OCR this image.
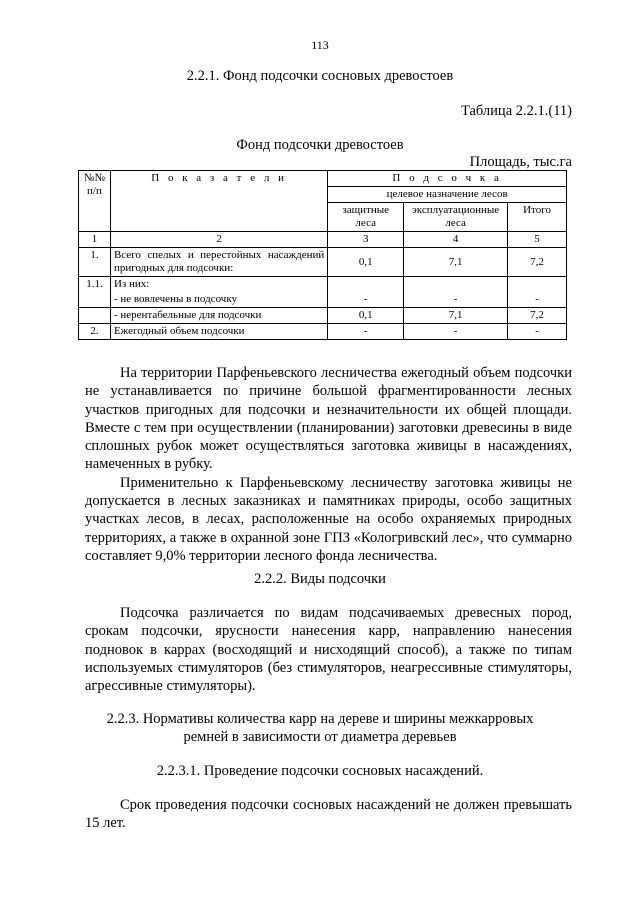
113
2.2.1. Фонд подсочки сосновых древостоев
Таблица 2.2.1.(11)
Фонд подсочки древостоев
Площадь, тыс.га
№№ п/п	П о к а з а т е л и	П о д с о ч к а		
		целевое назначение лесов		
		защитные леса	эксплуатационные леса	Итого
1	2	3	4	5
1.	Всего спелых и перестойных насаждений пригодных для подсочки:	0,1	7,1	7,2
1.1.	Из них:			
	- не вовлечены в подсочку	-	-	-
	- нерентабельные для подсочки	0,1	7,1	7,2
2.	Ежегодный объем подсочки	-	-	-

На территории Парфеньевского лесничества ежегодный объем подсочки не устанавливается по причине большой фрагментированности лесных участков пригодных для подсочки и незначительности их общей площади. Вместе с тем при осуществлении (планировании) заготовки древесины в виде сплошных рубок может осуществляться заготовка живицы в насаждениях, намеченных в рубку.

Применительно к Парфеньевскому лесничеству заготовка живицы не допускается в лесных заказниках и памятниках природы, особо защитных участках лесов, в лесах, расположенные на особо охраняемых природных территориях, а также в охранной зоне ГПЗ «Кологривский лес», что суммарно составляет 9,0% территории лесного фонда лесничества.

2.2.2. Виды подсочки

Подсочка различается по видам подсачиваемых древесных пород, срокам подсочки, ярусности нанесения карр, направлению нанесения подновок в каррах (восходящий и нисходящий способ), а также по типам используемых стимуляторов (без стимуляторов, неагрессивные стимуляторы, агрессивные стимуляторы).

2.2.3. Нормативы количества карр на дереве и ширины межкарровых
ремней в зависимости от диаметра деревьев
2.2.3.1. Проведение подсочки сосновых насаждений.

Срок проведения подсочки сосновых насаждений не должен превышать 15 лет.
